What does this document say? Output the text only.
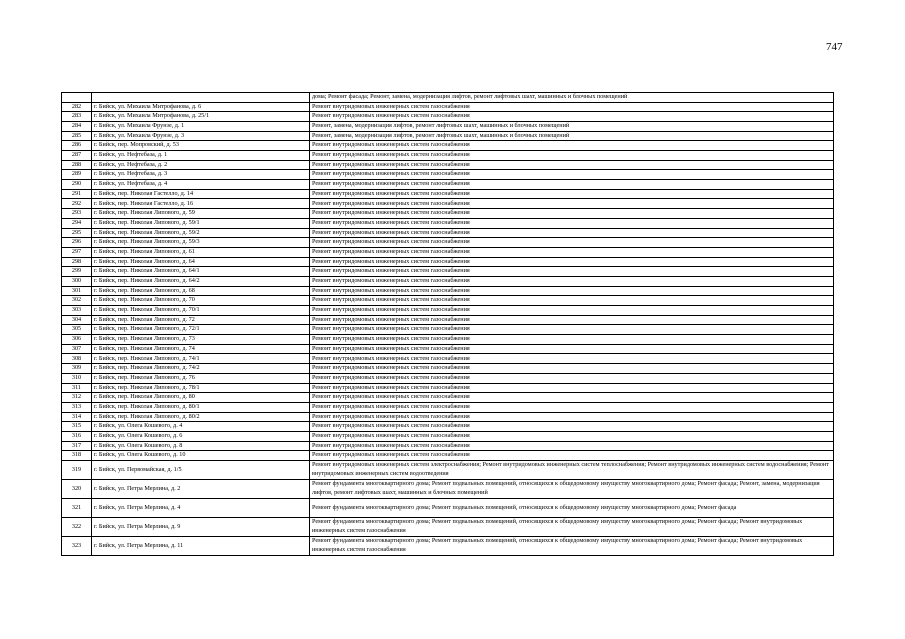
747
		дома; Ремонт фасада; Ремонт, замена, модернизация лифтов, ремонт лифтовых шахт, машинных и блочных помещений
282	г. Бийск, ул. Михаила Митрофанова, д. 6	Ремонт внутридомовых инженерных систем газоснабжения
283	г. Бийск, ул. Михаила Митрофанова, д. 25/1	Ремонт внутридомовых инженерных систем газоснабжения
284	г. Бийск, ул. Михаила Фрунзе, д. 1	Ремонт, замена, модернизация лифтов, ремонт лифтовых шахт, машинных и блочных помещений
285	г. Бийск, ул. Михаила Фрунзе, д. 3	Ремонт, замена, модернизация лифтов, ремонт лифтовых шахт, машинных и блочных помещений
286	г. Бийск, пер. Мопровский, д. 53	Ремонт внутридомовых инженерных систем газоснабжения
287	г. Бийск, ул. Нефтебаза, д. 1	Ремонт внутридомовых инженерных систем газоснабжения
288	г. Бийск, ул. Нефтебаза, д. 2	Ремонт внутридомовых инженерных систем газоснабжения
289	г. Бийск, ул. Нефтебаза, д. 3	Ремонт внутридомовых инженерных систем газоснабжения
290	г. Бийск, ул. Нефтебаза, д. 4	Ремонт внутридомовых инженерных систем газоснабжения
291	г. Бийск, пер. Николая Гастелло, д. 14	Ремонт внутридомовых инженерных систем газоснабжения
292	г. Бийск, пер. Николая Гастелло, д. 16	Ремонт внутридомовых инженерных систем газоснабжения
293	г. Бийск, пер. Николая Липового, д. 59	Ремонт внутридомовых инженерных систем газоснабжения
294	г. Бийск, пер. Николая Липового, д. 59/1	Ремонт внутридомовых инженерных систем газоснабжения
295	г. Бийск, пер. Николая Липового, д. 59/2	Ремонт внутридомовых инженерных систем газоснабжения
296	г. Бийск, пер. Николая Липового, д. 59/3	Ремонт внутридомовых инженерных систем газоснабжения
297	г. Бийск, пер. Николая Липового, д. 61	Ремонт внутридомовых инженерных систем газоснабжения
298	г. Бийск, пер. Николая Липового, д. 64	Ремонт внутридомовых инженерных систем газоснабжения
299	г. Бийск, пер. Николая Липового, д. 64/1	Ремонт внутридомовых инженерных систем газоснабжения
300	г. Бийск, пер. Николая Липового, д. 64/2	Ремонт внутридомовых инженерных систем газоснабжения
301	г. Бийск, пер. Николая Липового, д. 68	Ремонт внутридомовых инженерных систем газоснабжения
302	г. Бийск, пер. Николая Липового, д. 70	Ремонт внутридомовых инженерных систем газоснабжения
303	г. Бийск, пер. Николая Липового, д. 70/1	Ремонт внутридомовых инженерных систем газоснабжения
304	г. Бийск, пер. Николая Липового, д. 72	Ремонт внутридомовых инженерных систем газоснабжения
305	г. Бийск, пер. Николая Липового, д. 72/1	Ремонт внутридомовых инженерных систем газоснабжения
306	г. Бийск, пер. Николая Липового, д. 73	Ремонт внутридомовых инженерных систем газоснабжения
307	г. Бийск, пер. Николая Липового, д. 74	Ремонт внутридомовых инженерных систем газоснабжения
308	г. Бийск, пер. Николая Липового, д. 74/1	Ремонт внутридомовых инженерных систем газоснабжения
309	г. Бийск, пер. Николая Липового, д. 74/2	Ремонт внутридомовых инженерных систем газоснабжения
310	г. Бийск, пер. Николая Липового, д. 76	Ремонт внутридомовых инженерных систем газоснабжения
311	г. Бийск, пер. Николая Липового, д. 78/1	Ремонт внутридомовых инженерных систем газоснабжения
312	г. Бийск, пер. Николая Липового, д. 80	Ремонт внутридомовых инженерных систем газоснабжения
313	г. Бийск, пер. Николая Липового, д. 80/1	Ремонт внутридомовых инженерных систем газоснабжения
314	г. Бийск, пер. Николая Липового, д. 80/2	Ремонт внутридомовых инженерных систем газоснабжения
315	г. Бийск, ул. Олега Кошевого, д. 4	Ремонт внутридомовых инженерных систем газоснабжения
316	г. Бийск, ул. Олега Кошевого, д. 6	Ремонт внутридомовых инженерных систем газоснабжения
317	г. Бийск, ул. Олега Кошевого, д. 8	Ремонт внутридомовых инженерных систем газоснабжения
318	г. Бийск, ул. Олега Кошевого, д. 10	Ремонт внутридомовых инженерных систем газоснабжения
319	г. Бийск, ул. Первомайская, д. 1/5	Ремонт внутридомовых инженерных систем электроснабжения; Ремонт внутридомовых инженерных систем теплоснабжения; Ремонт внутридомовых инженерных систем водоснабжения; Ремонт внутридомовых инженерных систем водоотведения
320	г. Бийск, ул. Петра Мерлина, д. 2	Ремонт фундамента многоквартирного дома; Ремонт подвальных помещений, относящихся к общедомовому имуществу многоквартирного дома; Ремонт фасада; Ремонт, замена, модернизация лифтов, ремонт лифтовых шахт, машинных и блочных помещений
321	г. Бийск, ул. Петра Мерлина, д. 4	Ремонт фундамента многоквартирного дома; Ремонт подвальных помещений, относящихся к общедомовому имуществу многоквартирного дома; Ремонт фасада
322	г. Бийск, ул. Петра Мерлина, д. 9	Ремонт фундамента многоквартирного дома; Ремонт подвальных помещений, относящихся к общедомовому имуществу многоквартирного дома; Ремонт фасада; Ремонт внутридомовых инженерных систем газоснабжения
323	г. Бийск, ул. Петра Мерлина, д. 11	Ремонт фундамента многоквартирного дома; Ремонт подвальных помещений, относящихся к общедомовому имуществу многоквартирного дома; Ремонт фасада; Ремонт внутридомовых инженерных систем газоснабжения
